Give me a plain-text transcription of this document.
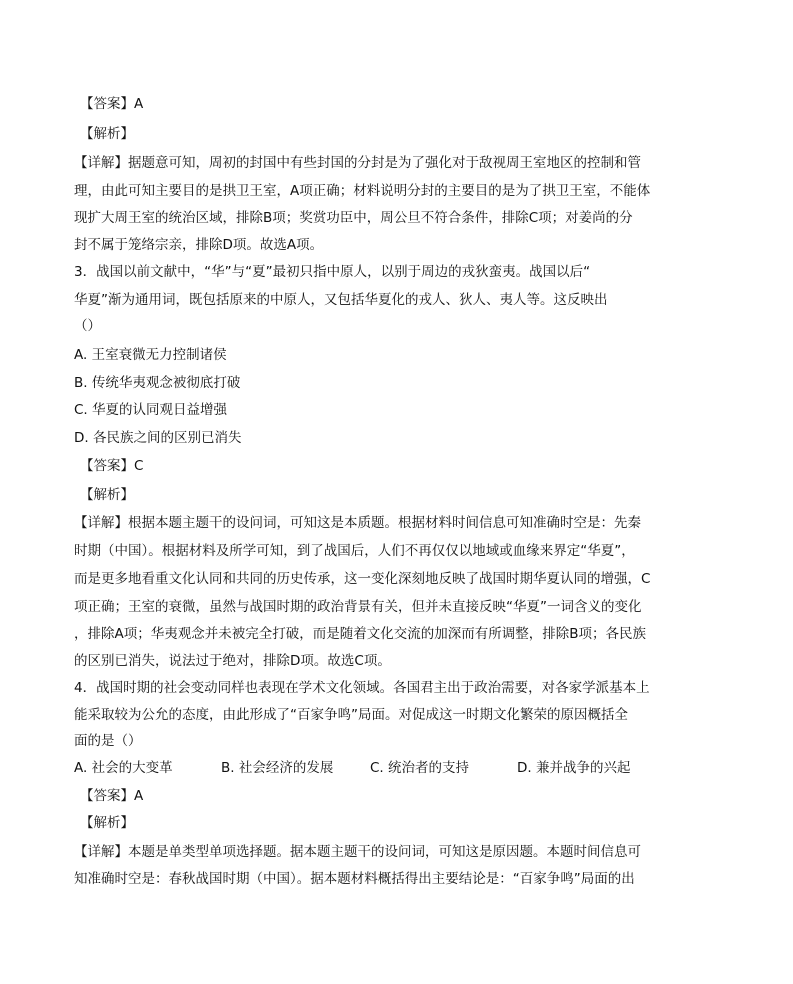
【答案】A
【解析】
【详解】据题意可知，周初的封国中有些封国的分封是为了强化对于敌视周王室地区的控制和管
理，由此可知主要目的是拱卫王室，A项正确；材料说明分封的主要目的是为了拱卫王室，不能体
现扩大周王室的统治区域，排除B项；奖赏功臣中，周公旦不符合条件，排除C项；对姜尚的分
封不属于笼络宗亲，排除D项。故选A项。
3．战国以前文献中，“华”与“夏”最初只指中原人，以别于周边的戎狄蛮夷。战国以后“
华夏”渐为通用词，既包括原来的中原人，又包括华夏化的戎人、狄人、夷人等。这反映出
（）
A. 王室衰微无力控制诸侯
B. 传统华夷观念被彻底打破
C. 华夏的认同观日益增强
D. 各民族之间的区别已消失
【答案】C
【解析】
【详解】根据本题主题干的设问词，可知这是本质题。根据材料时间信息可知准确时空是：先秦
时期（中国）。根据材料及所学可知，到了战国后，人们不再仅仅以地域或血缘来界定“华夏”，
而是更多地看重文化认同和共同的历史传承，这一变化深刻地反映了战国时期华夏认同的增强，C
项正确；王室的衰微，虽然与战国时期的政治背景有关，但并未直接反映“华夏”一词含义的变化
，排除A项；华夷观念并未被完全打破，而是随着文化交流的加深而有所调整，排除B项；各民族
的区别已消失，说法过于绝对，排除D项。故选C项。
4．战国时期的社会变动同样也表现在学术文化领域。各国君主出于政治需要，对各家学派基本上
能采取较为公允的态度，由此形成了“百家争鸣”局面。对促成这一时期文化繁荣的原因概括全
面的是（）
A. 社会的大变革	B. 社会经济的发展	C. 统治者的支持	D. 兼并战争的兴起
【答案】A
【解析】
【详解】本题是单类型单项选择题。据本题主题干的设问词，可知这是原因题。本题时间信息可
知准确时空是：春秋战国时期（中国）。据本题材料概括得出主要结论是：“百家争鸣”局面的出
